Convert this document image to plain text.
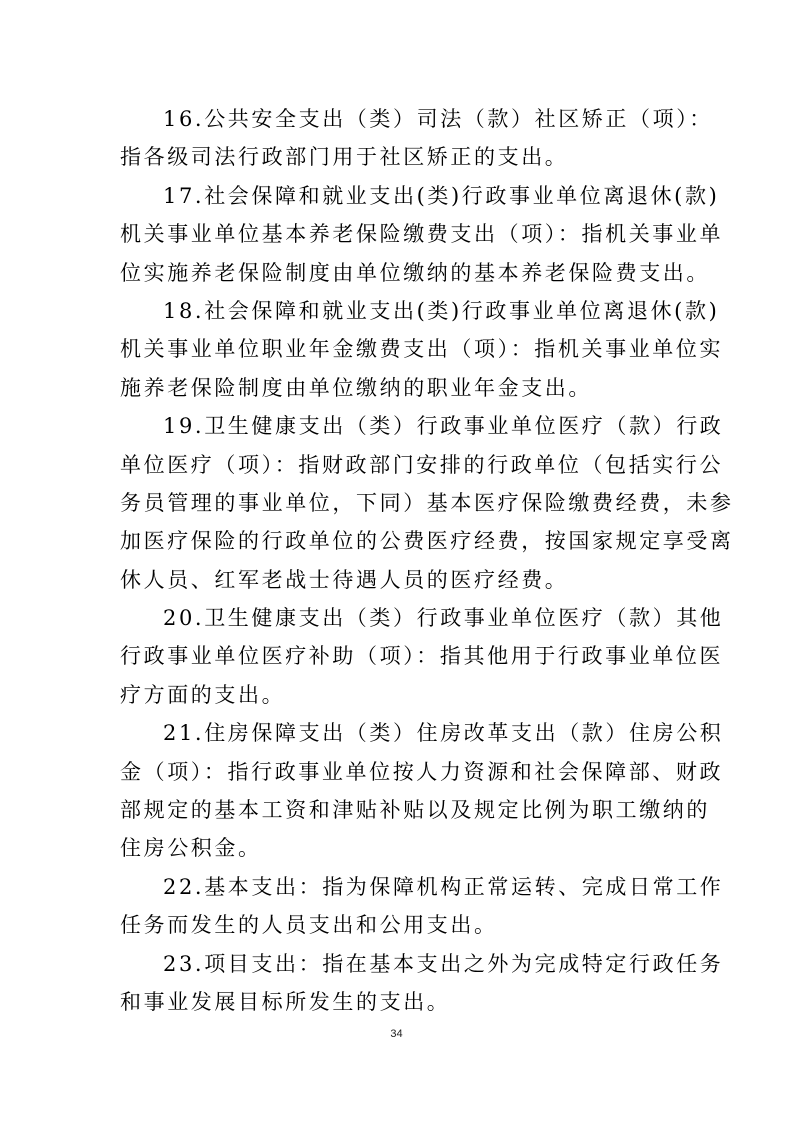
16.公共安全支出（类）司法（款）社区矫正（项）：
指各级司法行政部门用于社区矫正的支出。
17.社会保障和就业支出(类)行政事业单位离退休(款)
机关事业单位基本养老保险缴费支出（项）：指机关事业单
位实施养老保险制度由单位缴纳的基本养老保险费支出。
18.社会保障和就业支出(类)行政事业单位离退休(款)
机关事业单位职业年金缴费支出（项）：指机关事业单位实
施养老保险制度由单位缴纳的职业年金支出。
19.卫生健康支出（类）行政事业单位医疗（款）行政
单位医疗（项）：指财政部门安排的行政单位（包括实行公
务员管理的事业单位，下同）基本医疗保险缴费经费，未参
加医疗保险的行政单位的公费医疗经费，按国家规定享受离
休人员、红军老战士待遇人员的医疗经费。
20.卫生健康支出（类）行政事业单位医疗（款）其他
行政事业单位医疗补助（项）：指其他用于行政事业单位医
疗方面的支出。
21.住房保障支出（类）住房改革支出（款）住房公积
金（项）：指行政事业单位按人力资源和社会保障部、财政
部规定的基本工资和津贴补贴以及规定比例为职工缴纳的
住房公积金。
22.基本支出：指为保障机构正常运转、完成日常工作
任务而发生的人员支出和公用支出。
23.项目支出：指在基本支出之外为完成特定行政任务
和事业发展目标所发生的支出。
34
